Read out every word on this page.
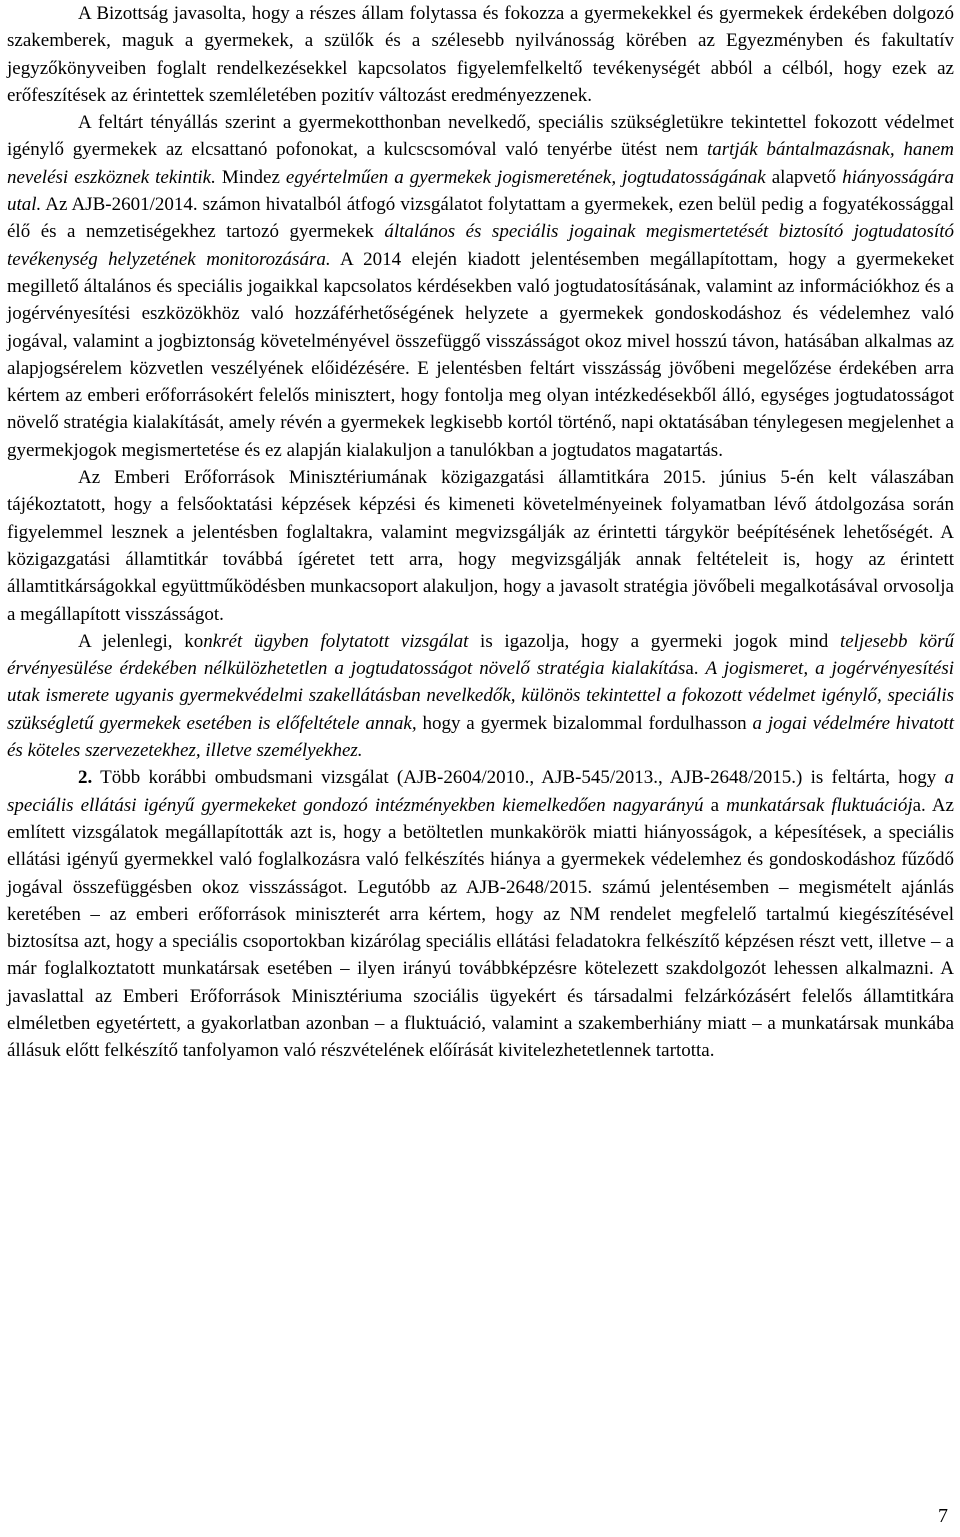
A Bizottság javasolta, hogy a részes állam folytassa és fokozza a gyermekekkel és gyermekek érdekében dolgozó szakemberek, maguk a gyermekek, a szülők és a szélesebb nyilvánosság körében az Egyezményben és fakultatív jegyzőkönyveiben foglalt rendelkezésekkel kapcsolatos figyelemfelkeltő tevékenységét abból a célból, hogy ezek az erőfeszítések az érintettek szemléletében pozitív változást eredményezzenek.

A feltárt tényállás szerint a gyermekotthonban nevelkedő, speciális szükségletükre tekintettel fokozott védelmet igénylő gyermekek az elcsattanó pofonokat, a kulcscsomóval való tenyérbe ütést nem tartják bántalmazásnak, hanem nevelési eszköznek tekintik. Mindez egyértelműen a gyermekek jogismeretének, jogtudatosságának alapvető hiányosságára utal. Az AJB-2601/2014. számon hivatalból átfogó vizsgálatot folytattam a gyermekek, ezen belül pedig a fogyatékossággal élő és a nemzetiségekhez tartozó gyermekek általános és speciális jogainak megismertetését biztosító jogtudatosító tevékenység helyzetének monitorozására. A 2014 elején kiadott jelentésemben megállapítottam, hogy a gyermekeket megillető általános és speciális jogaikkal kapcsolatos kérdésekben való jogtudatosításának, valamint az információkhoz és a jogérvényesítési eszközökhöz való hozzáférhetőségének helyzete a gyermekek gondoskodáshoz és védelemhez való jogával, valamint a jogbiztonság követelményével összefüggő visszásságot okoz mivel hosszú távon, hatásában alkalmas az alapjogsérelem közvetlen veszélyének előidézésére. E jelentésben feltárt visszásság jövőbeni megelőzése érdekében arra kértem az emberi erőforrásokért felelős minisztert, hogy fontolja meg olyan intézkedésekből álló, egységes jogtudatosságot növelő stratégia kialakítását, amely révén a gyermekek legkisebb kortól történő, napi oktatásában ténylegesen megjelenhet a gyermekjogok megismertetése és ez alapján kialakuljon a tanulókban a jogtudatos magatartás.

Az Emberi Erőforrások Minisztériumának közigazgatási államtitkára 2015. június 5-én kelt válaszában tájékoztatott, hogy a felsőoktatási képzések képzési és kimeneti követelményeinek folyamatban lévő átdolgozása során figyelemmel lesznek a jelentésben foglaltakra, valamint megvizsgálják az érintetti tárgykör beépítésének lehetőségét. A közigazgatási államtitkár továbbá ígéretet tett arra, hogy megvizsgálják annak feltételeit is, hogy az érintett államtitkárságokkal együttműködésben munkacsoport alakuljon, hogy a javasolt stratégia jövőbeli megalkotásával orvosolja a megállapított visszásságot.

A jelenlegi, konkrét ügyben folytatott vizsgálat is igazolja, hogy a gyermeki jogok mind teljesebb körű érvényesülése érdekében nélkülözhetetlen a jogtudatosságot növelő stratégia kialakítása. A jogismeret, a jogérvényesítési utak ismerete ugyanis gyermekvédelmi szakellátásban nevelkedők, különös tekintettel a fokozott védelmet igénylő, speciális szükségletű gyermekek esetében is előfeltétele annak, hogy a gyermek bizalommal fordulhasson a jogai védelmére hivatott és köteles szervezetekhez, illetve személyekhez.

2. Több korábbi ombudsmani vizsgálat (AJB-2604/2010., AJB-545/2013., AJB-2648/2015.) is feltárta, hogy a speciális ellátási igényű gyermekeket gondozó intézményekben kiemelkedően nagyarányú a munkatársak fluktuációja. Az említett vizsgálatok megállapították azt is, hogy a betöltetlen munkakörök miatti hiányosságok, a képesítések, a speciális ellátási igényű gyermekkel való foglalkozásra való felkészítés hiánya a gyermekek védelemhez és gondoskodáshoz fűződő jogával összefüggésben okoz visszásságot. Legutóbb az AJB-2648/2015. számú jelentésemben – megismételt ajánlás keretében – az emberi erőforrások miniszterét arra kértem, hogy az NM rendelet megfelelő tartalmú kiegészítésével biztosítsa azt, hogy a speciális csoportokban kizárólag speciális ellátási feladatokra felkészítő képzésen részt vett, illetve – a már foglalkoztatott munkatársak esetében – ilyen irányú továbbképzésre kötelezett szakdolgozót lehessen alkalmazni. A javaslattal az Emberi Erőforrások Minisztériuma szociális ügyekért és társadalmi felzárkózásért felelős államtitkára elméletben egyetértett, a gyakorlatban azonban – a fluktuáció, valamint a szakemberhiány miatt – a munkatársak munkába állásuk előtt felkészítő tanfolyamon való részvételének előírását kivitelezhetetlennek tartotta.

7
